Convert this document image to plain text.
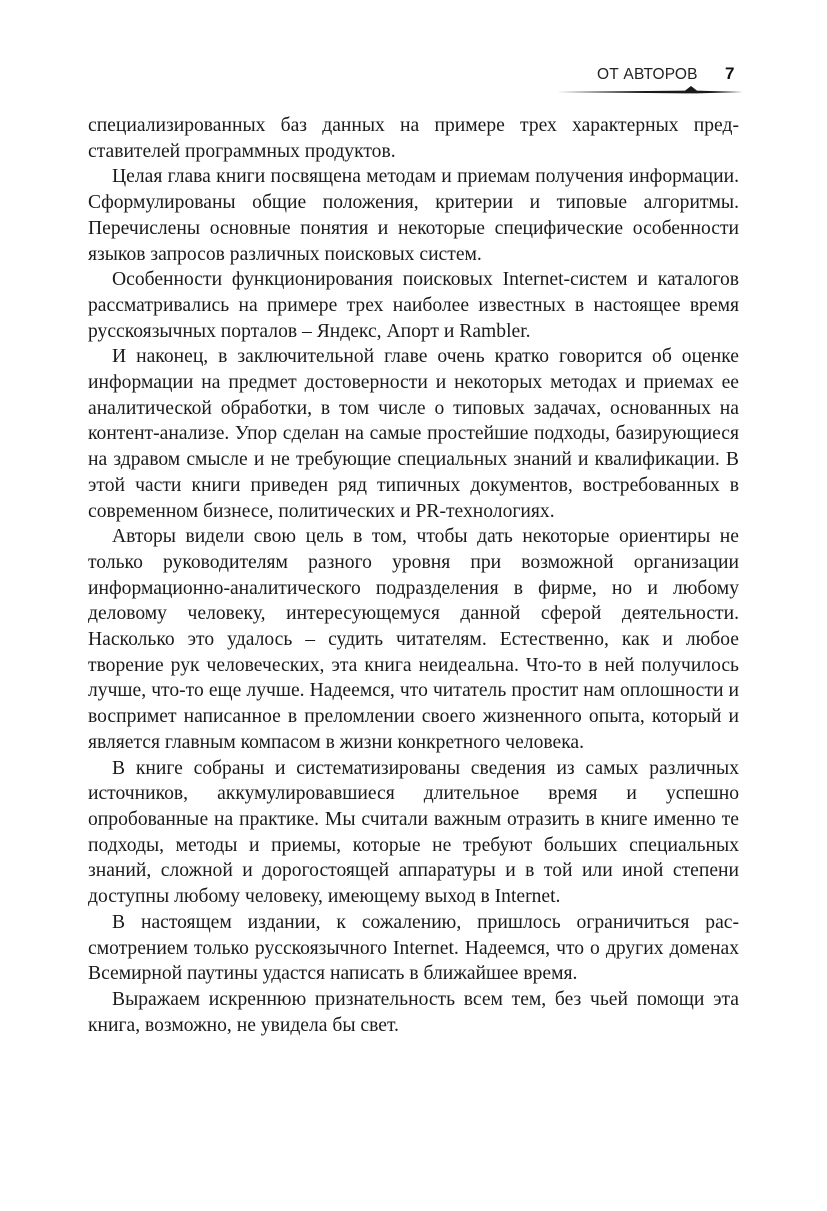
ОТ АВТОРОВ 7

специализированных баз данных на примере трех характерных представителей программных продуктов.

Целая глава книги посвящена методам и приемам получения информации. Сформулированы общие положения, критерии и типовые алгоритмы. Перечислены основные понятия и некоторые специфические особенности языков запросов различных поисковых систем.

Особенности функционирования поисковых Internet-систем и каталогов рассматривались на примере трех наиболее известных в настоящее время русскоязычных порталов – Яндекс, Апорт и Rambler.

И наконец, в заключительной главе очень кратко говорится об оценке информации на предмет достоверности и некоторых методах и приемах ее аналитической обработки, в том числе о типовых задачах, основанных на контент-анализе. Упор сделан на самые простейшие подходы, базирующиеся на здравом смысле и не требующие специальных знаний и квалификации. В этой части книги приведен ряд типичных документов, востребованных в современном бизнесе, политических и PR-технологиях.

Авторы видели свою цель в том, чтобы дать некоторые ориентиры не только руководителям разного уровня при возможной организации информационно-аналитического подразделения в фирме, но и любому деловому человеку, интересующемуся данной сферой деятельности. Насколько это удалось – судить читателям. Естественно, как и любое творение рук человеческих, эта книга неидеальна. Что-то в ней получилось лучше, что-то еще лучше. Надеемся, что читатель простит нам оплошности и воспримет написанное в преломлении своего жизненного опыта, который и является главным компасом в жизни конкретного человека.

В книге собраны и систематизированы сведения из самых различных источников, аккумулировавшиеся длительное время и успешно опробованные на практике. Мы считали важным отразить в книге именно те подходы, методы и приемы, которые не требуют больших специальных знаний, сложной и дорогостоящей аппаратуры и в той или иной степени доступны любому человеку, имеющему выход в Internet.

В настоящем издании, к сожалению, пришлось ограничиться рассмотрением только русскоязычного Internet. Надеемся, что о других доменах Всемирной паутины удастся написать в ближайшее время.

Выражаем искреннюю признательность всем тем, без чьей помощи эта книга, возможно, не увидела бы свет.
